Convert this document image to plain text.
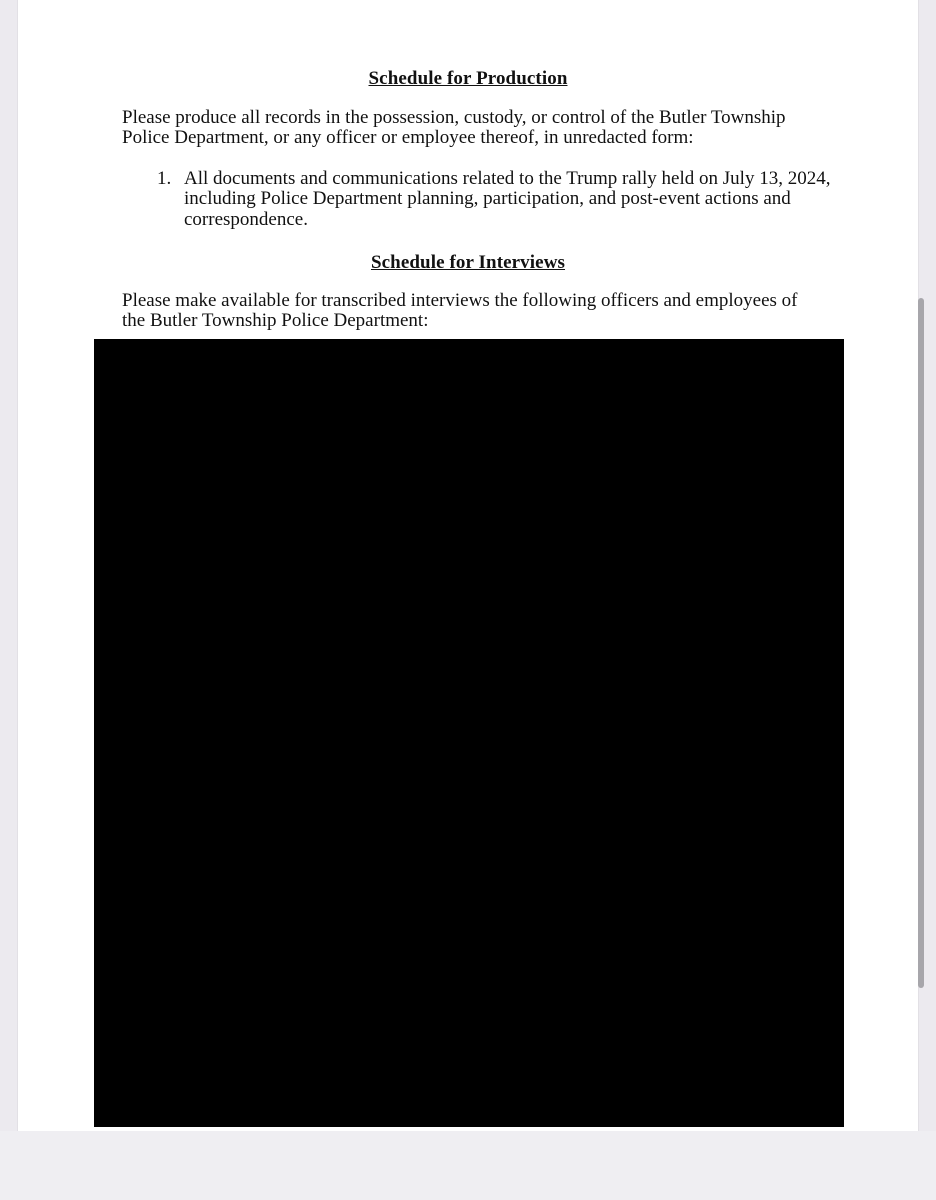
Schedule for Production
Please produce all records in the possession, custody, or control of the Butler Township Police Department, or any officer or employee thereof, in unredacted form:
1. All documents and communications related to the Trump rally held on July 13, 2024, including Police Department planning, participation, and post-event actions and correspondence.
Schedule for Interviews
Please make available for transcribed interviews the following officers and employees of the Butler Township Police Department:
